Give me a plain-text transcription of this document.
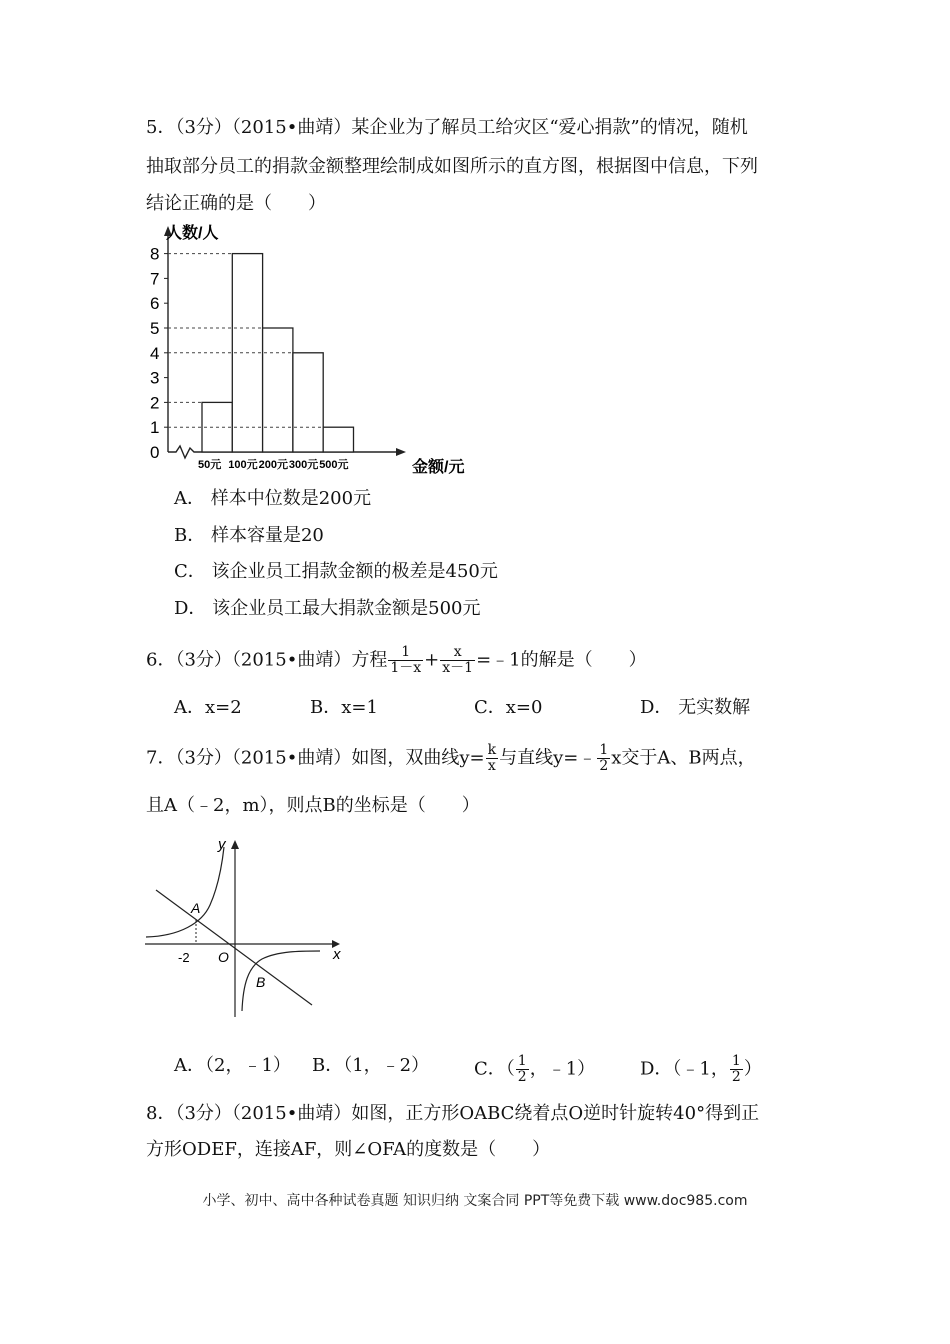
5．（3分）（2015•曲靖）某企业为了解员工给灾区“爱心捐款”的情况，随机
抽取部分员工的捐款金额整理绘制成如图所示的直方图，根据图中信息，下列
结论正确的是（　　）
0
1
2
3
4
5
6
7
8
50元 100元 200元 300元 500元
人数/人
金额/元
A． 样本中位数是200元
B． 样本容量是20
C． 该企业员工捐款金额的极差是450元
D． 该企业员工最大捐款金额是500元
6．（3分）（2015•曲靖）方程 $\frac{1}{1-x} + \frac{x}{x-1}$ =﹣1的解是（　　）
A．x=2	B．x=1	C．x=0	D． 无实数解
7．（3分）（2015•曲靖）如图，双曲线$y= \frac{k}{x}$ 与直线y=﹣ $\frac{1}{2}$ x交于A、B两点，
且A（﹣2，m），则点B的坐标是（　　）
y
x
A
B
O
-2
A．（2，﹣1） B．（1，﹣2） C．（ $\frac{1}{2}$ ，﹣1） D．（﹣1， $\frac{1}{2}$ ）
8．（3分）（2015•曲靖）如图，正方形OABC绕着点O逆时针旋转40°得到正
方形ODEF，连接AF，则∠OFA的度数是（　　）
小学、初中、高中各种试卷真题 知识归纳 文案合同 PPT等免费下载 www.doc985.com
